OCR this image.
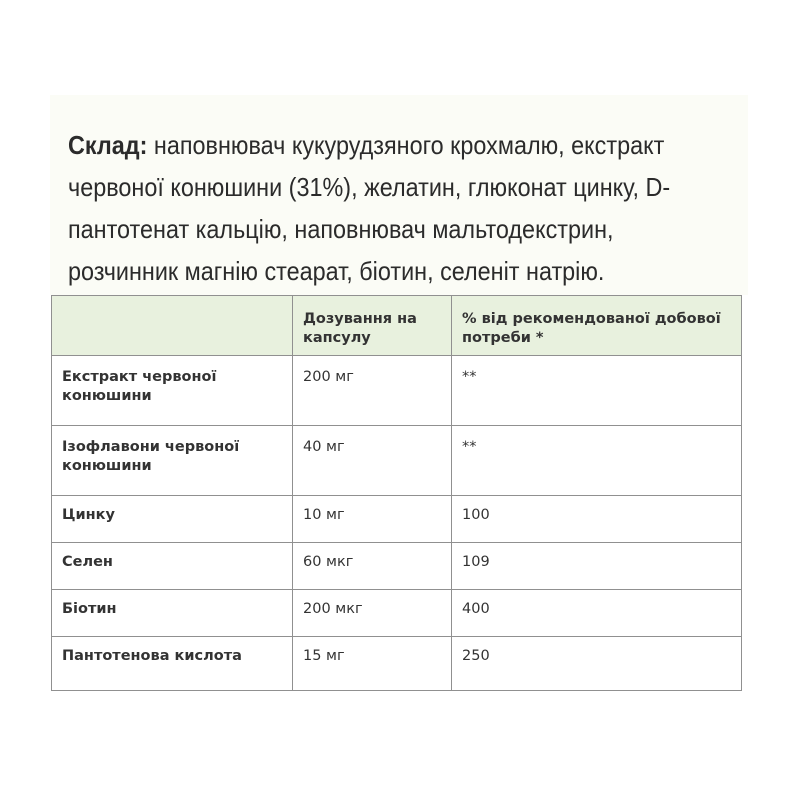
Склад: наповнювач кукурудзяного крохмалю, екстракт червоної конюшини (31%), желатин, глюконат цинку, D-пантотенат кальцію, наповнювач мальтодекстрин, розчинник магнію стеарат, біотин, селеніт натрію.

	Дозування на капсулу	% від рекомендованої добової потреби *
Екстракт червоної конюшини	200 мг	**
Ізофлавони червоної конюшини	40 мг	**
Цинку	10 мг	100
Селен	60 мкг	109
Біотин	200 мкг	400
Пантотенова кислота	15 мг	250
